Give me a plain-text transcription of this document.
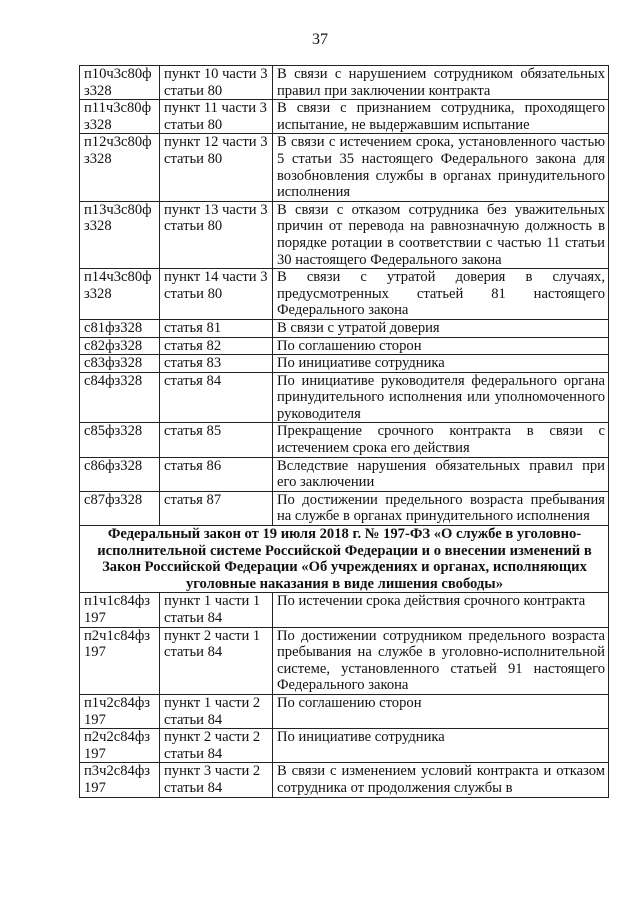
37
п10ч3с80ф з328	пункт 10 части 3 статьи 80	В связи с нарушением сотрудником обязательных правил при заключении контракта
п11ч3с80ф з328	пункт 11 части 3 статьи 80	В связи с признанием сотрудника, проходящего испытание, не выдержавшим испытание
п12ч3с80ф з328	пункт 12 части 3 статьи 80	В связи с истечением срока, установленного частью 5 статьи 35 настоящего Федерального закона для возобновления службы в органах принудительного исполнения
п13ч3с80ф з328	пункт 13 части 3 статьи 80	В связи с отказом сотрудника без уважительных причин от перевода на равнозначную должность в порядке ротации в соответствии с частью 11 статьи 30 настоящего Федерального закона
п14ч3с80ф з328	пункт 14 части 3 статьи 80	В связи с утратой доверия в случаях, предусмотренных статьей 81 настоящего Федерального закона
с81фз328	статья 81	В связи с утратой доверия
с82фз328	статья 82	По соглашению сторон
с83фз328	статья 83	По инициативе сотрудника
с84фз328	статья 84	По инициативе руководителя федерального органа принудительного исполнения или уполномоченного руководителя
с85фз328	статья 85	Прекращение срочного контракта в связи с истечением срока его действия
с86фз328	статья 86	Вследствие нарушения обязательных правил при его заключении
с87фз328	статья 87	По достижении предельного возраста пребывания на службе в органах принудительного исполнения
Федеральный закон от 19 июля 2018 г. № 197-ФЗ «О службе в уголовно-исполнительной системе Российской Федерации и о внесении изменений в Закон Российской Федерации «Об учреждениях и органах, исполняющих уголовные наказания в виде лишения свободы»		
п1ч1с84фз 197	пункт 1 части 1 статьи 84	По истечении срока действия срочного контракта
п2ч1с84фз 197	пункт 2 части 1 статьи 84	По достижении сотрудником предельного возраста пребывания на службе в уголовно-исполнительной системе, установленного статьей 91 настоящего Федерального закона
п1ч2с84фз 197	пункт 1 части 2 статьи 84	По соглашению сторон
п2ч2с84фз 197	пункт 2 части 2 статьи 84	По инициативе сотрудника
п3ч2с84фз 197	пункт 3 части 2 статьи 84	В связи с изменением условий контракта и отказом сотрудника от продолжения службы в
